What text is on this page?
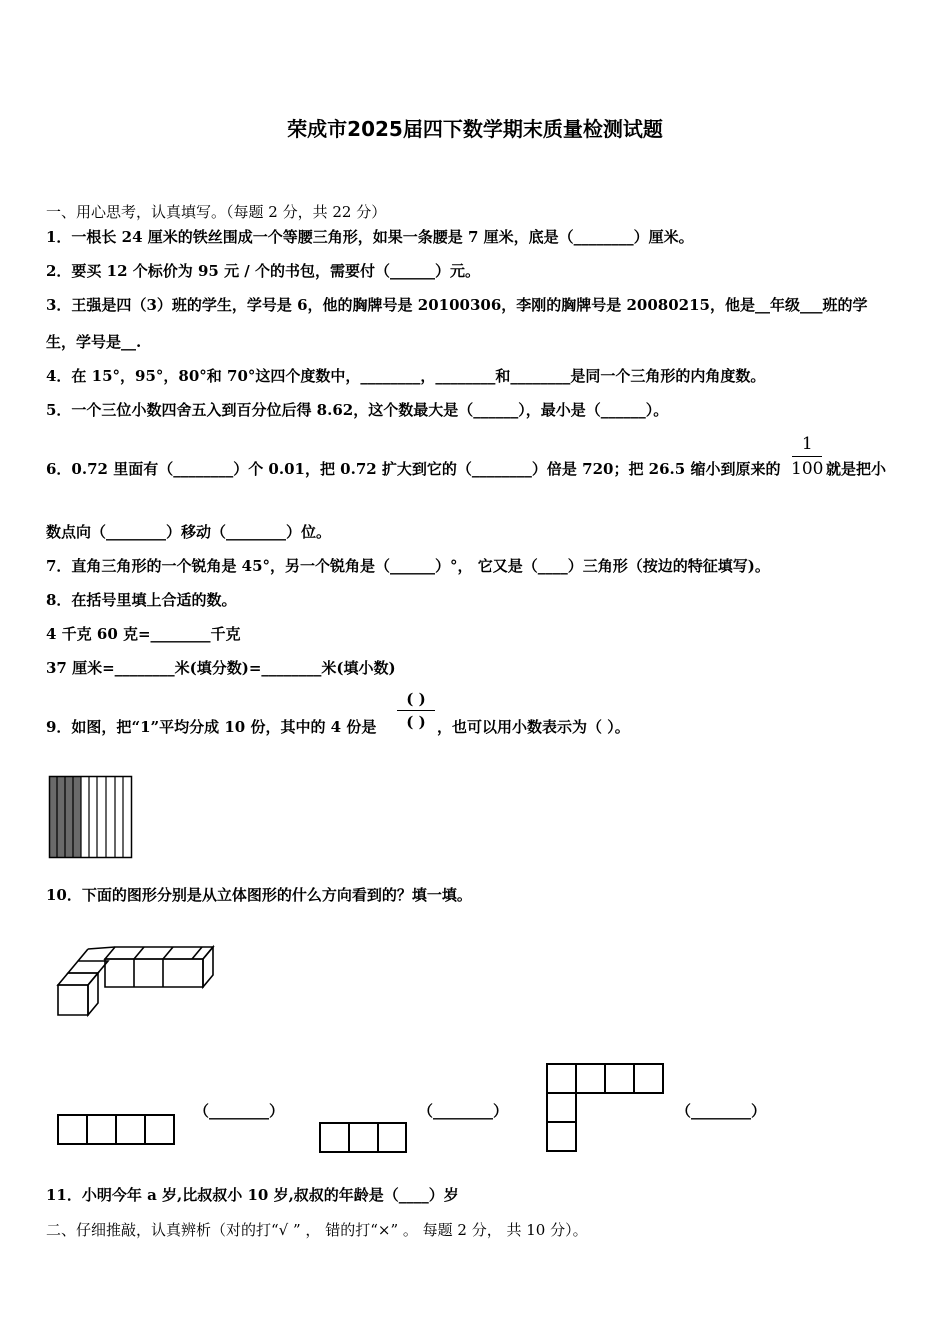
荣成市2025届四下数学期末质量检测试题
一、用心思考，认真填写。（每题 2 分，共 22 分）
1．一根长 24 厘米的铁丝围成一个等腰三角形，如果一条腰是 7 厘米，底是（________）厘米。
2．要买 12 个标价为 95 元 / 个的书包，需要付（______）元。
3．王强是四（3）班的学生，学号是 6，他的胸牌号是 20100306，李刚的胸牌号是 20080215，他是__年级___班的学
生，学号是__.
4．在 15°，95°，80°和 70°这四个度数中，________，________和________是同一个三角形的内角度数。
5．一个三位小数四舍五入到百分位后得 8.62，这个数最大是（______），最小是（______）。
6．0.72 里面有（________）个 0.01，把 0.72 扩大到它的（________）倍是 720；把 26.5 缩小到原来的
1
100 就是把小
数点向（________）移动（________）位。
7．直角三角形的一个锐角是 45°，另一个锐角是（______）°， 它又是（____）三角形（按边的特征填写)。
8．在括号里填上合适的数。
4 千克 60 克=________千克
37 厘米=________米(填分数)=________米(填小数)
9．如图，把“1”平均分成 10 份，其中的 4 份是
( )
( ) ，也可以用小数表示为（ ）。
10．下面的图形分别是从立体图形的什么方向看到的？填一填。
（________）	（________）	（________）
11．小明今年 a 岁,比叔叔小 10 岁,叔叔的年龄是（____）岁
二、仔细推敲，认真辨析（对的打“√ ” ， 错的打“×” 。 每题 2 分， 共 10 分）。
